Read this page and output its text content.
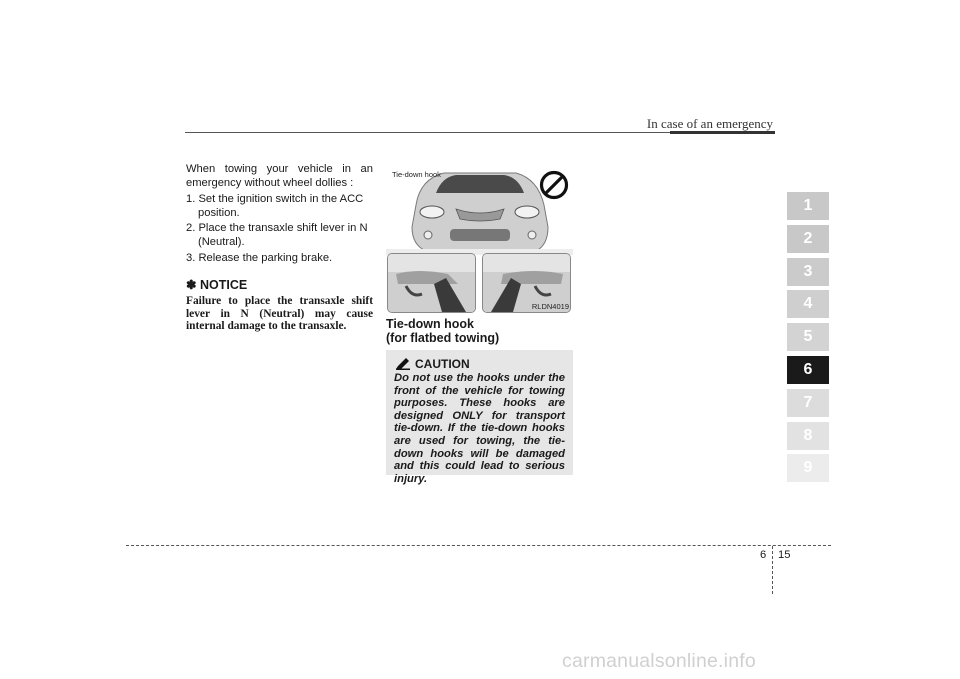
In case of an emergency
1
2
3
4
5
6
7
8
9

When towing your vehicle in an emergency without wheel dollies :

1. Set the ignition switch in the ACC position.
2. Place the transaxle shift lever in N (Neutral).
3. Release the parking brake.
✽ NOTICE

Failure to place the transaxle shift lever in N (Neutral) may cause internal damage to the transaxle.

Tie-down hook
RLDN4019
Tie-down hook
(for flatbed towing)
CAUTION

Do not use the hooks under the front of the vehicle for towing purposes. These hooks are designed ONLY for transport tie-down. If the tie-down hooks are used for towing, the tie-down hooks will be damaged and this could lead to serious injury.

6 15
carmanualsonline.info
